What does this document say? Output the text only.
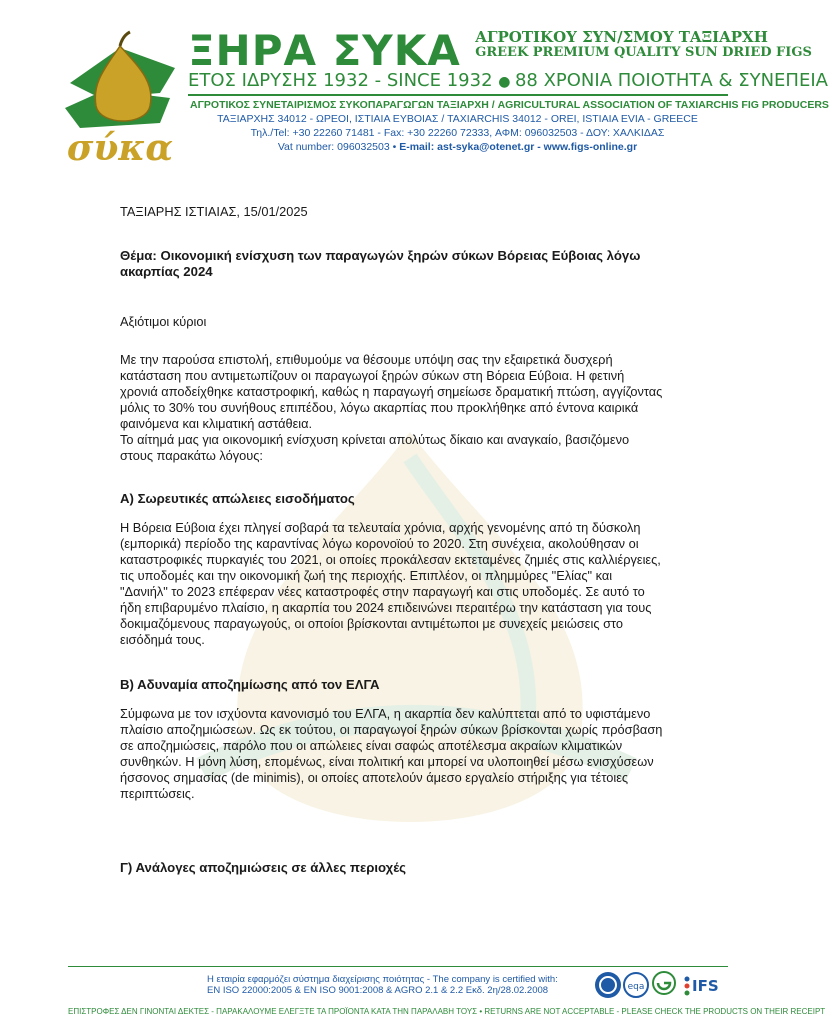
σύκα
ΞΗΡΑ ΣΥΚΑ ΑΓΡΟΤΙΚΟΥ ΣΥΝ/ΣΜΟΥ ΤΑΞΙΑΡΧΗ
GREEK PREMIUM QUALITY SUN DRIED FIGS
ΕΤΟΣ ΙΔΡΥΣΗΣ 1932 - SINCE 1932 ● 88 ΧΡΟΝΙΑ ΠΟΙΟΤΗΤΑ & ΣΥΝΕΠΕΙΑ
ΑΓΡΟΤΙΚΟΣ ΣΥΝΕΤΑΙΡΙΣΜΟΣ ΣΥΚΟΠΑΡΑΓΩΓΩΝ ΤΑΞΙΑΡΧΗ / AGRICULTURAL ASSOCIATION OF TAXIARCHIS FIG PRODUCERS
ΤΑΞΙΑΡΧΗΣ 34012 - ΩΡΕΟΙ, ΙΣΤΙΑΙΑ ΕΥΒΟΙΑΣ / TAXIARCHIS 34012 - OREI, ISTIAIA EVIA - GREECE
Τηλ./Tel: +30 22260 71481 - Fax: +30 22260 72333, ΑΦΜ: 096032503 - ΔΟΥ: ΧΑΛΚΙΔΑΣ
Vat number: 096032503 • E-mail: ast-syka@otenet.gr - www.figs-online.gr
ΤΑΞΙΑΡΗΣ ΙΣΤΙΑΙΑΣ, 15/01/2025
Θέμα: Οικονομική ενίσχυση των παραγωγών ξηρών σύκων Βόρειας Εύβοιας λόγω
ακαρπίας 2024
Αξιότιμοι κύριοι
Με την παρούσα επιστολή, επιθυμούμε να θέσουμε υπόψη σας την εξαιρετικά δυσχερή
κατάσταση που αντιμετωπίζουν οι παραγωγοί ξηρών σύκων στη Βόρεια Εύβοια. Η φετινή
χρονιά αποδείχθηκε καταστροφική, καθώς η παραγωγή σημείωσε δραματική πτώση, αγγίζοντας
μόλις το 30% του συνήθους επιπέδου, λόγω ακαρπίας που προκλήθηκε από έντονα καιρικά
φαινόμενα και κλιματική αστάθεια.
Το αίτημά μας για οικονομική ενίσχυση κρίνεται απολύτως δίκαιο και αναγκαίο, βασιζόμενο
στους παρακάτω λόγους:
Α) Σωρευτικές απώλειες εισοδήματος
Η Βόρεια Εύβοια έχει πληγεί σοβαρά τα τελευταία χρόνια, αρχής γενομένης από τη δύσκολη
(εμπορικά) περίοδο της καραντίνας λόγω κορονοϊού το 2020. Στη συνέχεια, ακολούθησαν οι
καταστροφικές πυρκαγιές του 2021, οι οποίες προκάλεσαν εκτεταμένες ζημιές στις καλλιέργειες,
τις υποδομές και την οικονομική ζωή της περιοχής. Επιπλέον, οι πλημμύρες "Ελίας" και
"Δανιήλ" το 2023 επέφεραν νέες καταστροφές στην παραγωγή και στις υποδομές. Σε αυτό το
ήδη επιβαρυμένο πλαίσιο, η ακαρπία του 2024 επιδεινώνει περαιτέρω την κατάσταση για τους
δοκιμαζόμενους παραγωγούς, οι οποίοι βρίσκονται αντιμέτωποι με συνεχείς μειώσεις στο
εισόδημά τους.
Β) Αδυναμία αποζημίωσης από τον ΕΛΓΑ
Σύμφωνα με τον ισχύοντα κανονισμό του ΕΛΓΑ, η ακαρπία δεν καλύπτεται από το υφιστάμενο
πλαίσιο αποζημιώσεων. Ως εκ τούτου, οι παραγωγοί ξηρών σύκων βρίσκονται χωρίς πρόσβαση
σε αποζημιώσεις, παρόλο που οι απώλειες είναι σαφώς αποτέλεσμα ακραίων κλιματικών
συνθηκών. Η μόνη λύση, επομένως, είναι πολιτική και μπορεί να υλοποιηθεί μέσω ενισχύσεων
ήσσονος σημασίας (de minimis), οι οποίες αποτελούν άμεσο εργαλείο στήριξης για τέτοιες
περιπτώσεις.
Γ) Ανάλογες αποζημιώσεις σε άλλες περιοχές
Η εταιρία εφαρμόζει σύστημα διαχείρισης ποιότητας - The company is certified with:
EN ISO 22000:2005 & EN ISO 9001:2008 & AGRO 2.1 & 2.2 Εκδ. 2η/28.02.2008	eqa	IFS
ΕΠΙΣΤΡΟΦΕΣ ΔΕΝ ΓΙΝΟΝΤΑΙ ΔΕΚΤΕΣ - ΠΑΡΑΚΑΛΟΥΜΕ ΕΛΕΓΞΤΕ ΤΑ ΠΡΟΪΟΝΤΑ ΚΑΤΑ ΤΗΝ ΠΑΡΑΛΑΒΗ ΤΟΥΣ • RETURNS ARE NOT ACCEPTABLE - PLEASE CHECK THE PRODUCTS ON THEIR RECEIPT
